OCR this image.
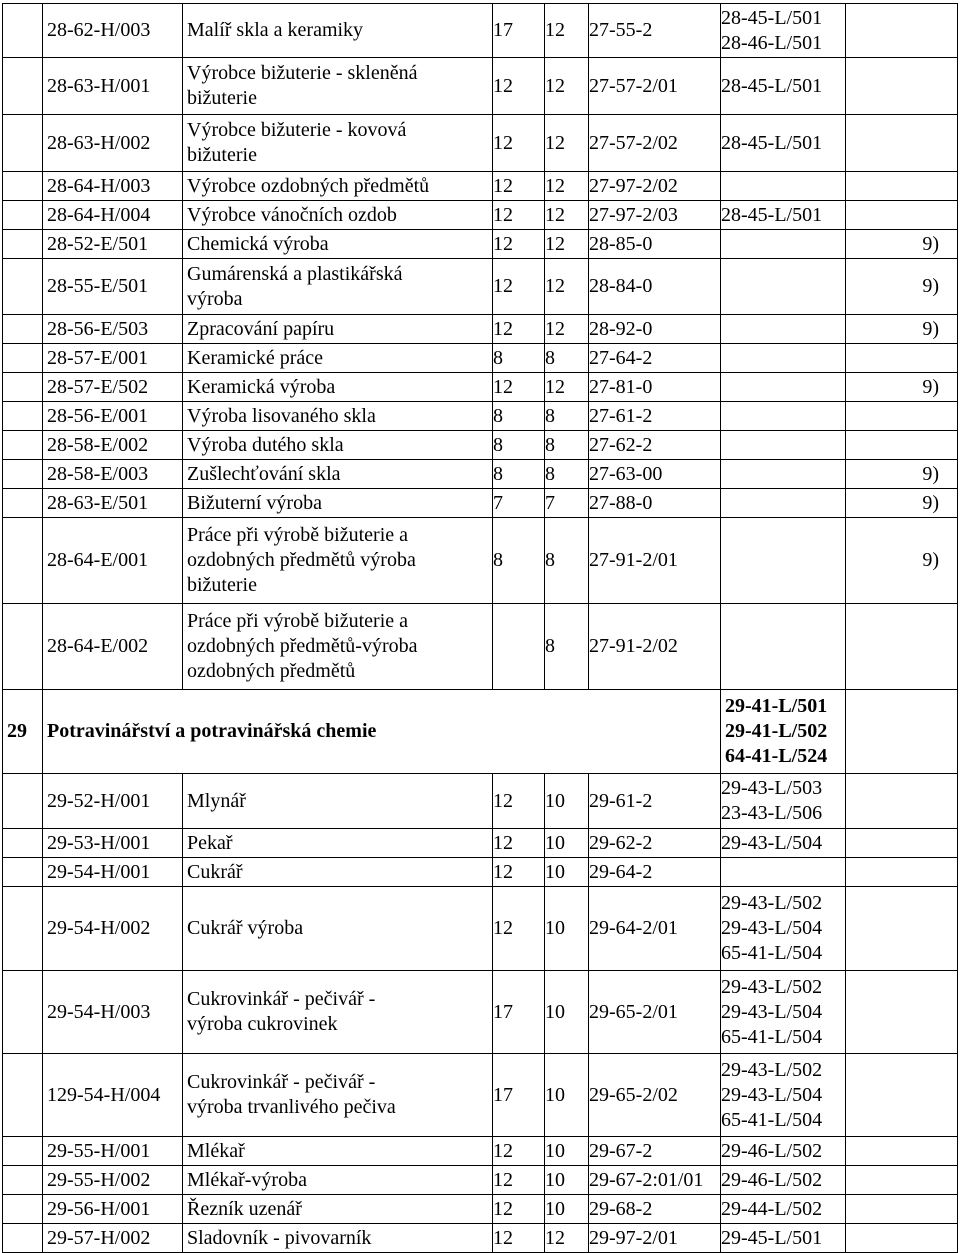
	28-62-H/003	Malíř skla a keramiky	17	12	27-55-2	28-45-L/501
28-46-L/501	

	28-63-H/001	Výrobce bižuterie - skleněná
bižuterie	12	12	27-57-2/01	28-45-L/501	

	28-63-H/002	Výrobce bižuterie - kovová
bižuterie	12	12	27-57-2/02	28-45-L/501	

	28-64-H/003	Výrobce ozdobných předmětů	12	12	27-97-2/02		
	28-64-H/004	Výrobce vánočních ozdob	12	12	27-97-2/03	28-45-L/501	

	28-52-E/501	Chemická výroba	12	12	28-85-0		9)
	28-55-E/501	Gumárenská a plastikářská
výroba	12	12	28-84-0		9)
	28-56-E/503	Zpracování papíru	12	12	28-92-0		9)
	28-57-E/001	Keramické práce	8	8	27-64-2		
	28-57-E/502	Keramická výroba	12	12	27-81-0		9)
	28-56-E/001	Výroba lisovaného skla	8	8	27-61-2		
	28-58-E/002	Výroba dutého skla	8	8	27-62-2		
	28-58-E/003	Zušlechťování skla	8	8	27-63-00		9)
	28-63-E/501	Bižuterní výroba	7	7	27-88-0		9)
	28-64-E/001	Práce při výrobě bižuterie a
ozdobných předmětů výroba
bižuterie	8	8	27-91-2/01		9)
	28-64-E/002	Práce při výrobě bižuterie a
ozdobných předmětů-výroba
ozdobných předmětů		8	27-91-2/02		
29	Potravinářství a potravinářská chemie					29-41-L/501
29-41-L/502
64-41-L/524	

	29-52-H/001	Mlynář	12	10	29-61-2	29-43-L/503
23-43-L/506	

	29-53-H/001	Pekař	12	10	29-62-2	29-43-L/504	

	29-54-H/001	Cukrář	12	10	29-64-2		
	29-54-H/002	Cukrář výroba	12	10	29-64-2/01	29-43-L/502
29-43-L/504
65-41-L/504	

	29-54-H/003	Cukrovinkář - pečivář -
výroba cukrovinek	17	10	29-65-2/01	29-43-L/502
29-43-L/504
65-41-L/504	

	129-54-H/004	Cukrovinkář - pečivář -
výroba trvanlivého pečiva	17	10	29-65-2/02	29-43-L/502
29-43-L/504
65-41-L/504	

	29-55-H/001	Mlékař	12	10	29-67-2	29-46-L/502	

	29-55-H/002	Mlékař-výroba	12	10	29-67-2:01/01	29-46-L/502	

	29-56-H/001	Řezník uzenář	12	10	29-68-2	29-44-L/502	

	29-57-H/002	Sladovník - pivovarník	12	12	29-97-2/01	29-45-L/501	
